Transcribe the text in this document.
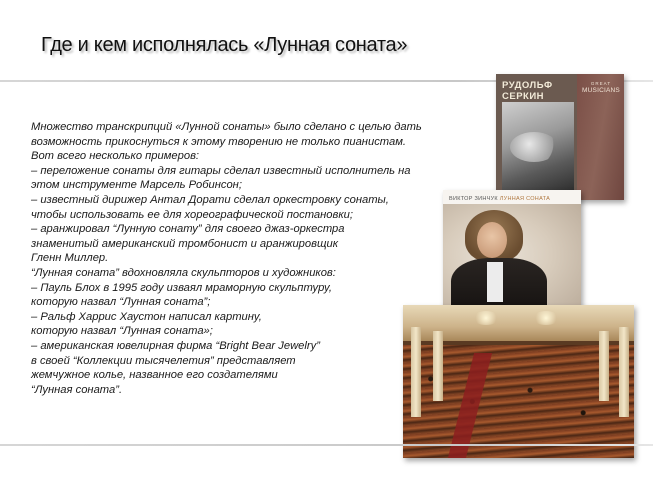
Где и кем исполнялась «Лунная соната»
Множество транскрипций «Лунной сонаты» было сделано с целью дать
возможность прикоснуться к этому творению не только пианистам.
Вот всего несколько примеров:
– переложение сонаты для гитары сделал известный исполнитель на
этом инструменте Марсель Робинсон;
– известный дирижер Антал Дорати сделал оркестровку сонаты,
чтобы использовать ее для хореографической постановки;
– аранжировал “Лунную сонату” для своего джаз-оркестра
знаменитый американский тромбонист и аранжировщик
Гленн Миллер.
“Лунная соната” вдохновляла скульпторов и художников:
– Пауль Блох в 1995 году изваял мраморную скульптуру,
которую назвал “Лунная соната”;
– Ральф Харрис Хаустон написал картину,
которую назвал “Лунная соната»;
– американская ювелирная фирма “Bright Bear Jewelry”
в своей “Коллекции тысячелетия” представляет
жемчужное колье, названное его создателями
“Лунная соната”.
РУДОЛЬФ
СЕРКИН
GREAT
MUSICIANS
ВИКТОР ЗИНЧУК ЛУННАЯ СОНАТА
